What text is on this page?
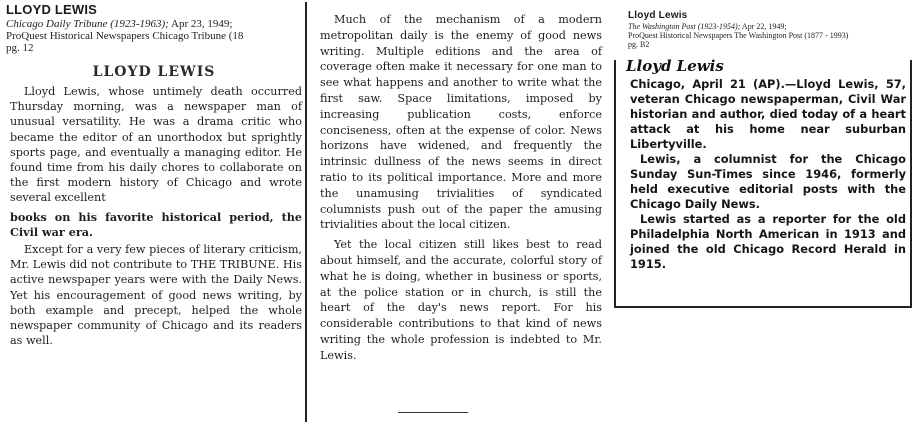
LLOYD LEWIS
Chicago Daily Tribune (1923-1963); Apr 23, 1949;
ProQuest Historical Newspapers Chicago Tribune (18
pg. 12
LLOYD LEWIS

Lloyd Lewis, whose untimely death occurred Thursday morning, was a newspaper man of unusual versatility. He was a drama critic who became the editor of an unorthodox but sprightly sports page, and eventually a managing editor. He found time from his daily chores to collaborate on the first modern history of Chicago and wrote several excellent

books on his favorite historical period, the Civil war era.

Except for a very few pieces of literary criticism, Mr. Lewis did not contribute to THE TRIBUNE. His active newspaper years were with the Daily News. Yet his encouragement of good news writing, by both example and precept, helped the whole newspaper community of Chicago and its readers as well.

Much of the mechanism of a modern metropolitan daily is the enemy of good news writing. Multiple editions and the area of coverage often make it necessary for one man to see what happens and another to write what the first saw. Space limitations, imposed by increasing publication costs, enforce conciseness, often at the expense of color. News horizons have widened, and frequently the intrinsic dullness of the news seems in direct ratio to its political importance. More and more the unamusing trivialities of syndicated columnists push out of the paper the amusing trivialities about the local citizen.

Yet the local citizen still likes best to read about himself, and the accurate, colorful story of what he is doing, whether in business or sports, at the police station or in church, is still the heart of the day's news report. For his considerable contributions to that kind of news writing the whole profession is indebted to Mr. Lewis.

Lloyd Lewis
The Washington Post (1923-1954); Apr 22, 1949;
ProQuest Historical Newspapers The Washington Post (1877 - 1993)
pg. B2
Lloyd Lewis

Chicago, April 21 (AP).—Lloyd Lewis, 57, veteran Chicago newspaperman, Civil War historian and author, died today of a heart attack at his home near suburban Libertyville.

Lewis, a columnist for the Chicago Sunday Sun-Times since 1946, formerly held executive editorial posts with the Chicago Daily News.

Lewis started as a reporter for the old Philadelphia North American in 1913 and joined the old Chicago Record Herald in 1915.
